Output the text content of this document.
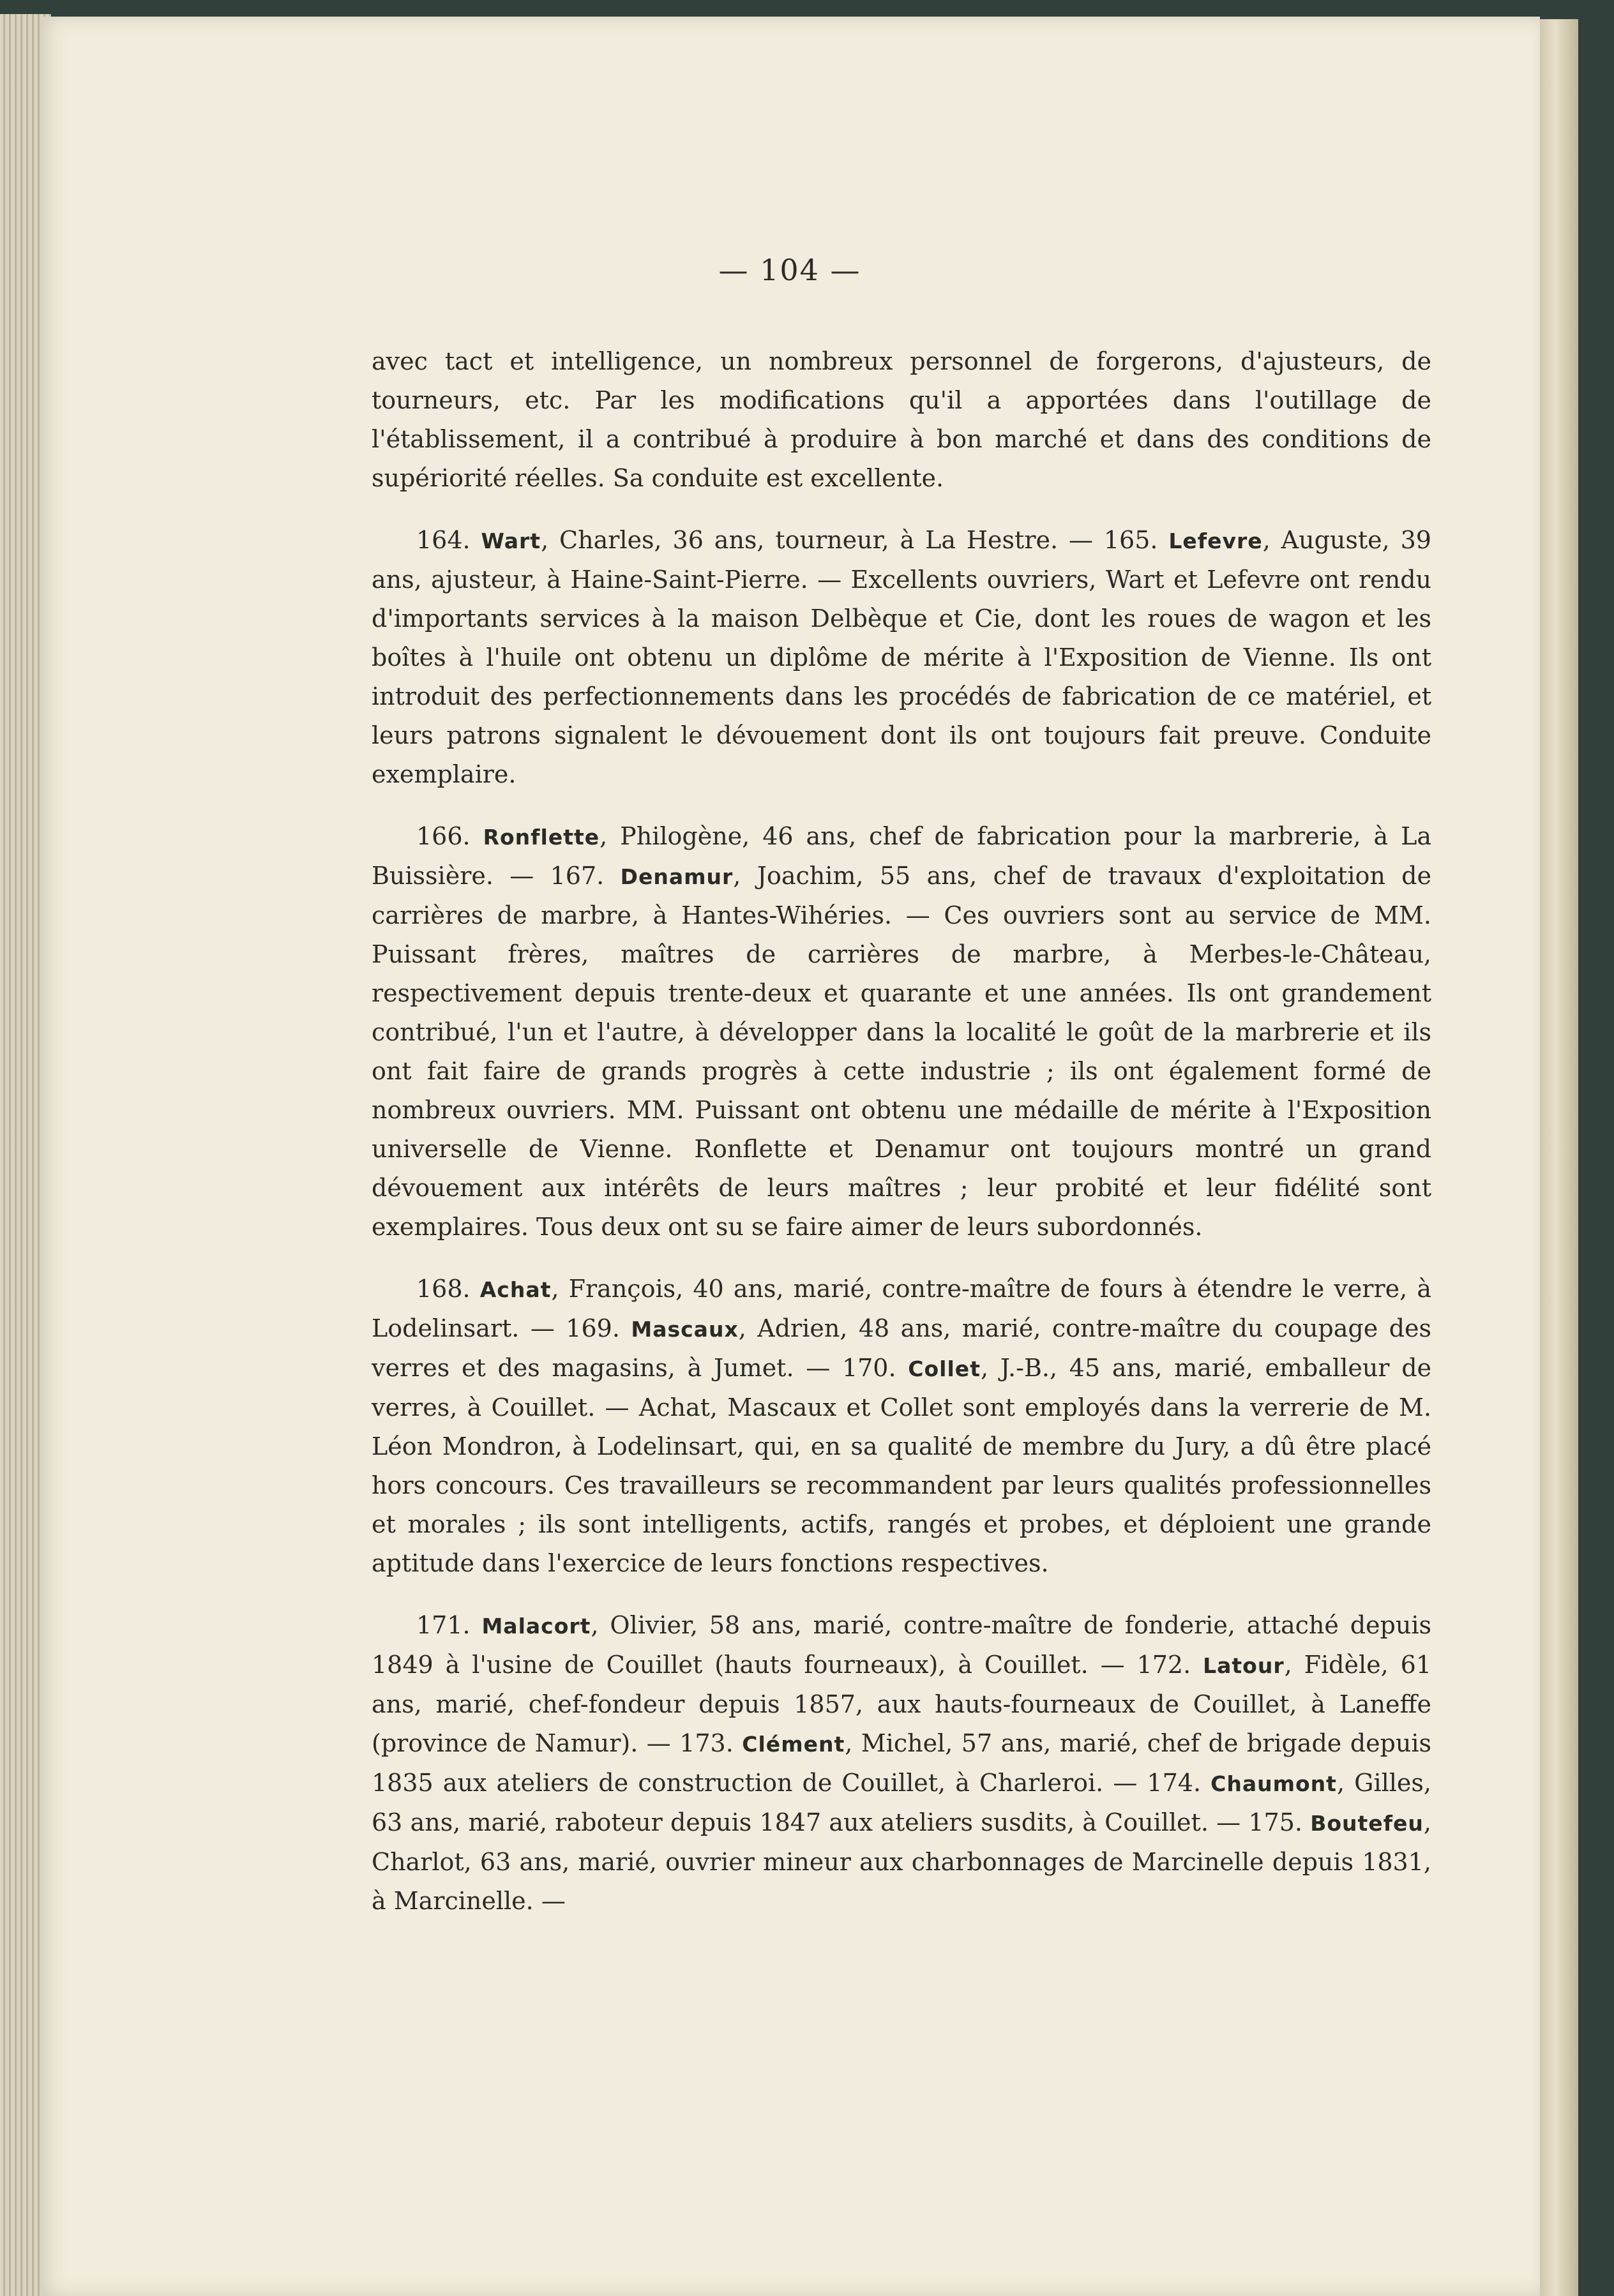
— 104 —

avec tact et intelligence, un nombreux personnel de forgerons, d'ajusteurs, de tourneurs, etc. Par les modifications qu'il a apportées dans l'outillage de l'établissement, il a contribué à produire à bon marché et dans des conditions de supériorité réelles. Sa conduite est excellente.

164. Wart, Charles, 36 ans, tourneur, à La Hestre. — 165. Lefevre, Auguste, 39 ans, ajusteur, à Haine-Saint-Pierre. — Excellents ouvriers, Wart et Lefevre ont rendu d'importants services à la maison Delbèque et Cie, dont les roues de wagon et les boîtes à l'huile ont obtenu un diplôme de mérite à l'Exposition de Vienne. Ils ont introduit des perfectionnements dans les procédés de fabrication de ce matériel, et leurs patrons signalent le dévouement dont ils ont toujours fait preuve. Conduite exemplaire.

166. Ronflette, Philogène, 46 ans, chef de fabrication pour la marbrerie, à La Buissière. — 167. Denamur, Joachim, 55 ans, chef de travaux d'exploitation de carrières de marbre, à Hantes-Wihéries. — Ces ouvriers sont au service de MM. Puissant frères, maîtres de carrières de marbre, à Merbes-le-Château, respectivement depuis trente-deux et quarante et une années. Ils ont grandement contribué, l'un et l'autre, à développer dans la localité le goût de la marbrerie et ils ont fait faire de grands progrès à cette industrie ; ils ont également formé de nombreux ouvriers. MM. Puissant ont obtenu une médaille de mérite à l'Exposition universelle de Vienne. Ronflette et Denamur ont toujours montré un grand dévouement aux intérêts de leurs maîtres ; leur probité et leur fidélité sont exemplaires. Tous deux ont su se faire aimer de leurs subordonnés.

168. Achat, François, 40 ans, marié, contre-maître de fours à étendre le verre, à Lodelinsart. — 169. Mascaux, Adrien, 48 ans, marié, contre-maître du coupage des verres et des magasins, à Jumet. — 170. Collet, J.-B., 45 ans, marié, emballeur de verres, à Couillet. — Achat, Mascaux et Collet sont employés dans la verrerie de M. Léon Mondron, à Lodelinsart, qui, en sa qualité de membre du Jury, a dû être placé hors concours. Ces travailleurs se recommandent par leurs qualités professionnelles et morales ; ils sont intelligents, actifs, rangés et probes, et déploient une grande aptitude dans l'exercice de leurs fonctions respectives.

171. Malacort, Olivier, 58 ans, marié, contre-maître de fonderie, attaché depuis 1849 à l'usine de Couillet (hauts fourneaux), à Couillet. — 172. Latour, Fidèle, 61 ans, marié, chef-fondeur depuis 1857, aux hauts-fourneaux de Couillet, à Laneffe (province de Namur). — 173. Clément, Michel, 57 ans, marié, chef de brigade depuis 1835 aux ateliers de construction de Couillet, à Charleroi. — 174. Chaumont, Gilles, 63 ans, marié, raboteur depuis 1847 aux ateliers susdits, à Couillet. — 175. Boutefeu, Charlot, 63 ans, marié, ouvrier mineur aux charbonnages de Marcinelle depuis 1831, à Marcinelle. —
